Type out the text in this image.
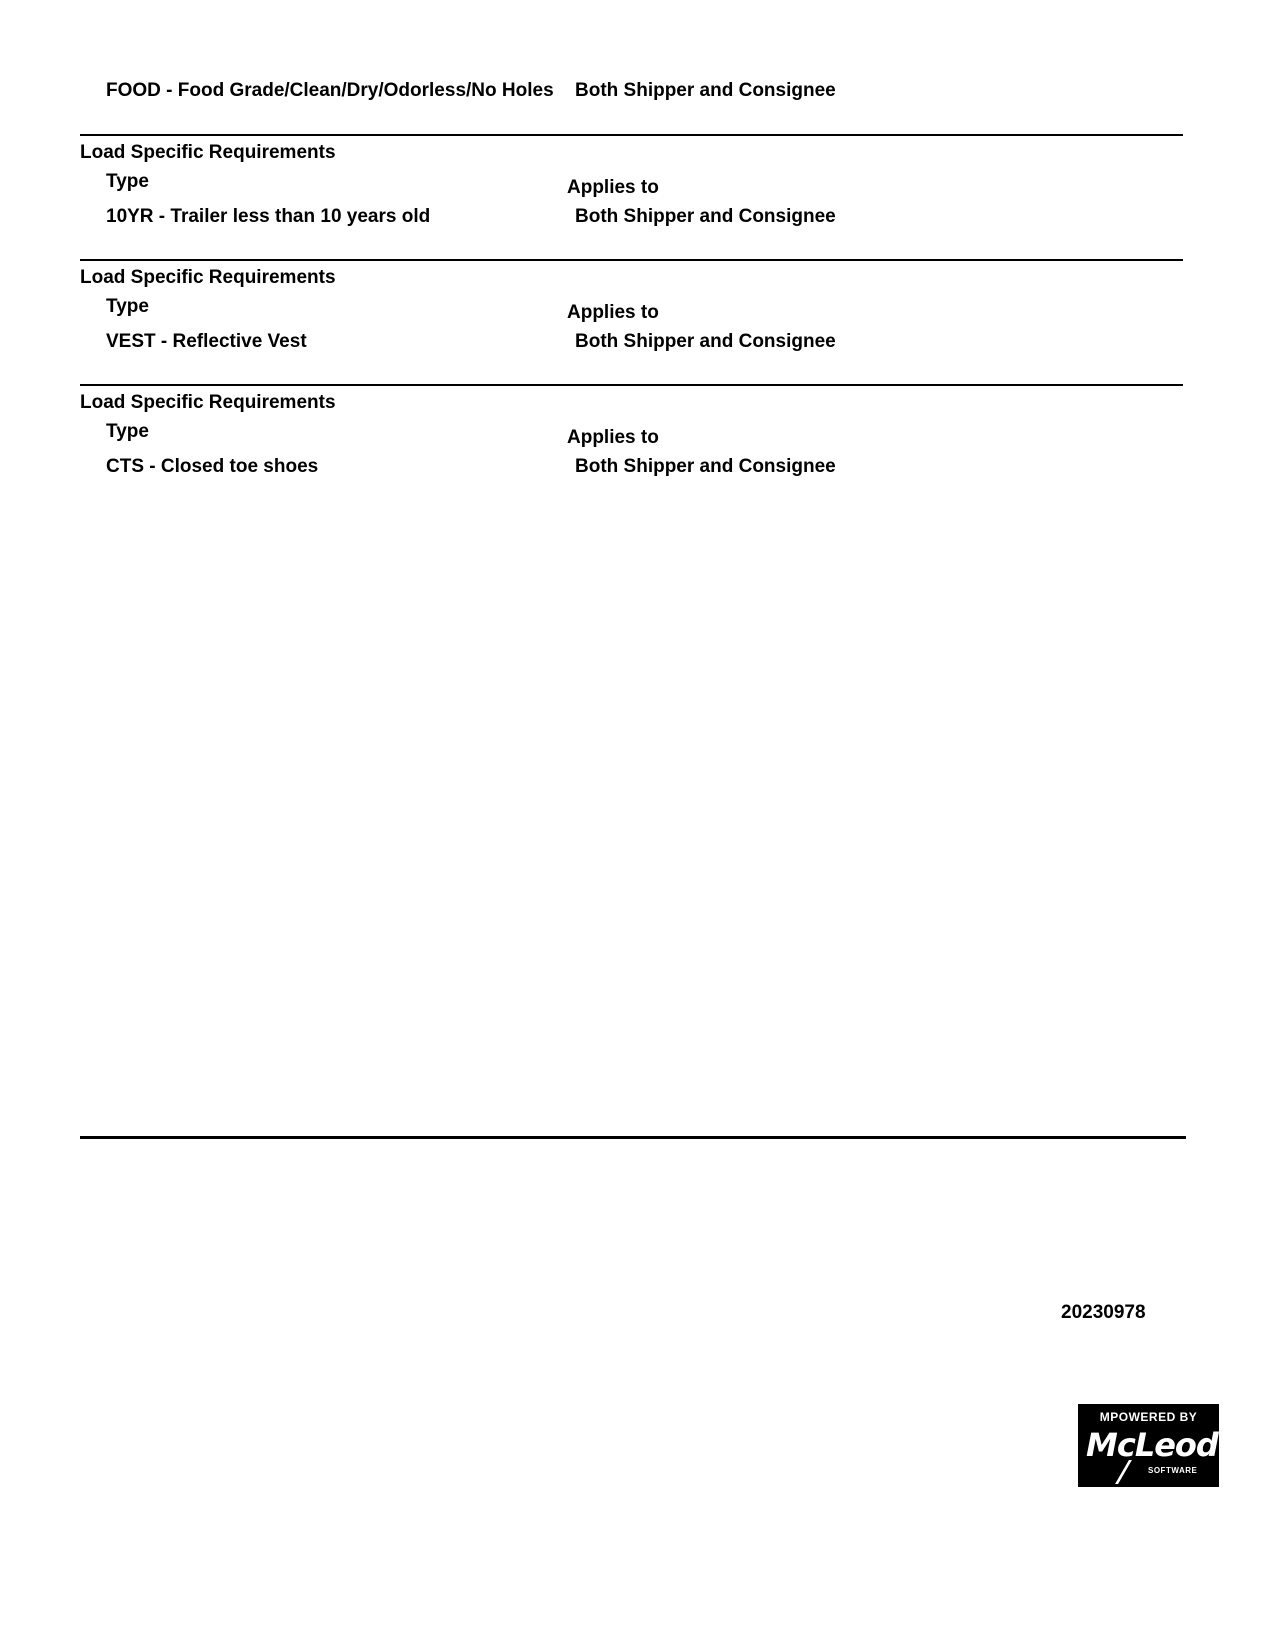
FOOD - Food Grade/Clean/Dry/Odorless/No Holes Both Shipper and Consignee
Load Specific Requirements
Type	Applies to
10YR - Trailer less than 10 years old	Both Shipper and Consignee
Load Specific Requirements
Type	Applies to
VEST - Reflective Vest	Both Shipper and Consignee
Load Specific Requirements
Type	Applies to
CTS - Closed toe shoes	Both Shipper and Consignee
20230978
MPOWERED BY
McLeod
SOFTWARE
